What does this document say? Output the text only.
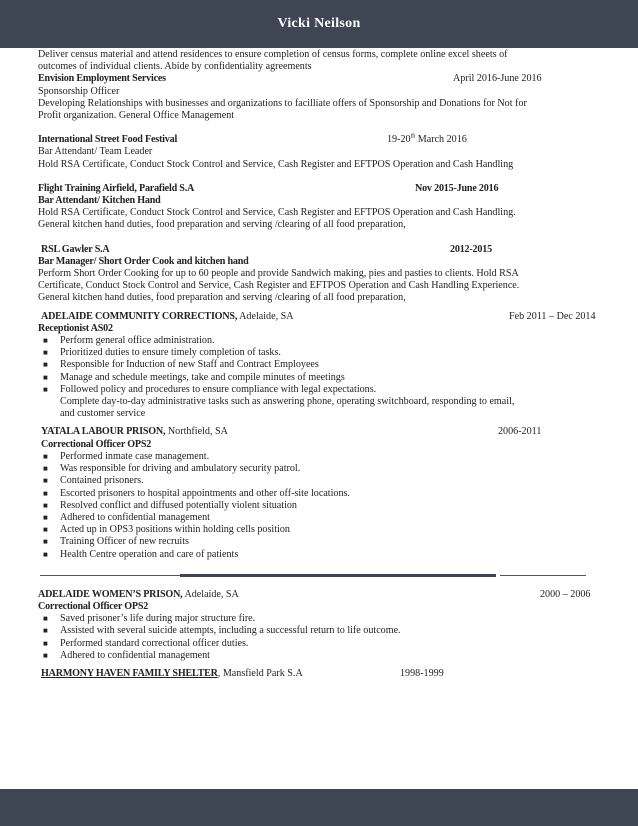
Vicki Neilson
Deliver census material and attend residences to ensure completion of census forms, complete online excel sheets of
outcomes of individual clients. Abide by confidentiality agreements
Envision Employment Services	April 2016-June 2016
Sponsorship Officer
Developing Relationships with businesses and organizations to facilliate offers of Sponsorship and Donations for Not for
Profit organization. General Office Management
International Street Food Festival	19-20th March 2016
Bar Attendant/ Team Leader
Hold RSA Certificate, Conduct Stock Control and Service, Cash Register and EFTPOS Operation and Cash Handling
Flight Training Airfield, Parafield S.A	Nov 2015-June 2016
Bar Attendant/ Kitchen Hand
Hold RSA Certificate, Conduct Stock Control and Service, Cash Register and EFTPOS Operation and Cash Handling.
General kitchen hand duties, food preparation and serving /clearing of all food preparation,
RSL Gawler S.A	2012-2015
Bar Manager/ Short Order Cook and kitchen hand
Perform Short Order Cooking for up to 60 people and provide Sandwich making, pies and pasties to clients. Hold RSA
Certificate, Conduct Stock Control and Service, Cash Register and EFTPOS Operation and Cash Handling Experience.
General kitchen hand duties, food preparation and serving /clearing of all food preparation,
ADELAIDE COMMUNITY CORRECTIONS, Adelaide, SA	Feb 2011 – Dec 2014
Receptionist AS02
■ Perform general office administration.
■ Prioritized duties to ensure timely completion of tasks.
■ Responsible for Induction of new Staff and Contract Employees
■ Manage and schedule meetings, take and compile minutes of meetings
■ Followed policy and procedures to ensure compliance with legal expectations.
Complete day-to-day administrative tasks such as answering phone, operating switchboard, responding to email,
and customer service
YATALA LABOUR PRISON, Northfield, SA	2006-2011
Correctional Officer OPS2
■ Performed inmate case management.
■ Was responsible for driving and ambulatory security patrol.
■ Contained prisoners.
■ Escorted prisoners to hospital appointments and other off-site locations.
■ Resolved conflict and diffused potentially violent situation
■ Adhered to confidential management
■ Acted up in OPS3 positions within holding cells position
■ Training Officer of new recruits
■ Health Centre operation and care of patients
ADELAIDE WOMEN’S PRISON, Adelaide, SA	2000 – 2006
Correctional Officer OPS2
■ Saved prisoner’s life during major structure fire.
■ Assisted with several suicide attempts, including a successful return to life outcome.
■ Performed standard correctional officer duties.
■ Adhered to confidential management
HARMONY HAVEN FAMILY SHELTER, Mansfield Park S.A	1998-1999
